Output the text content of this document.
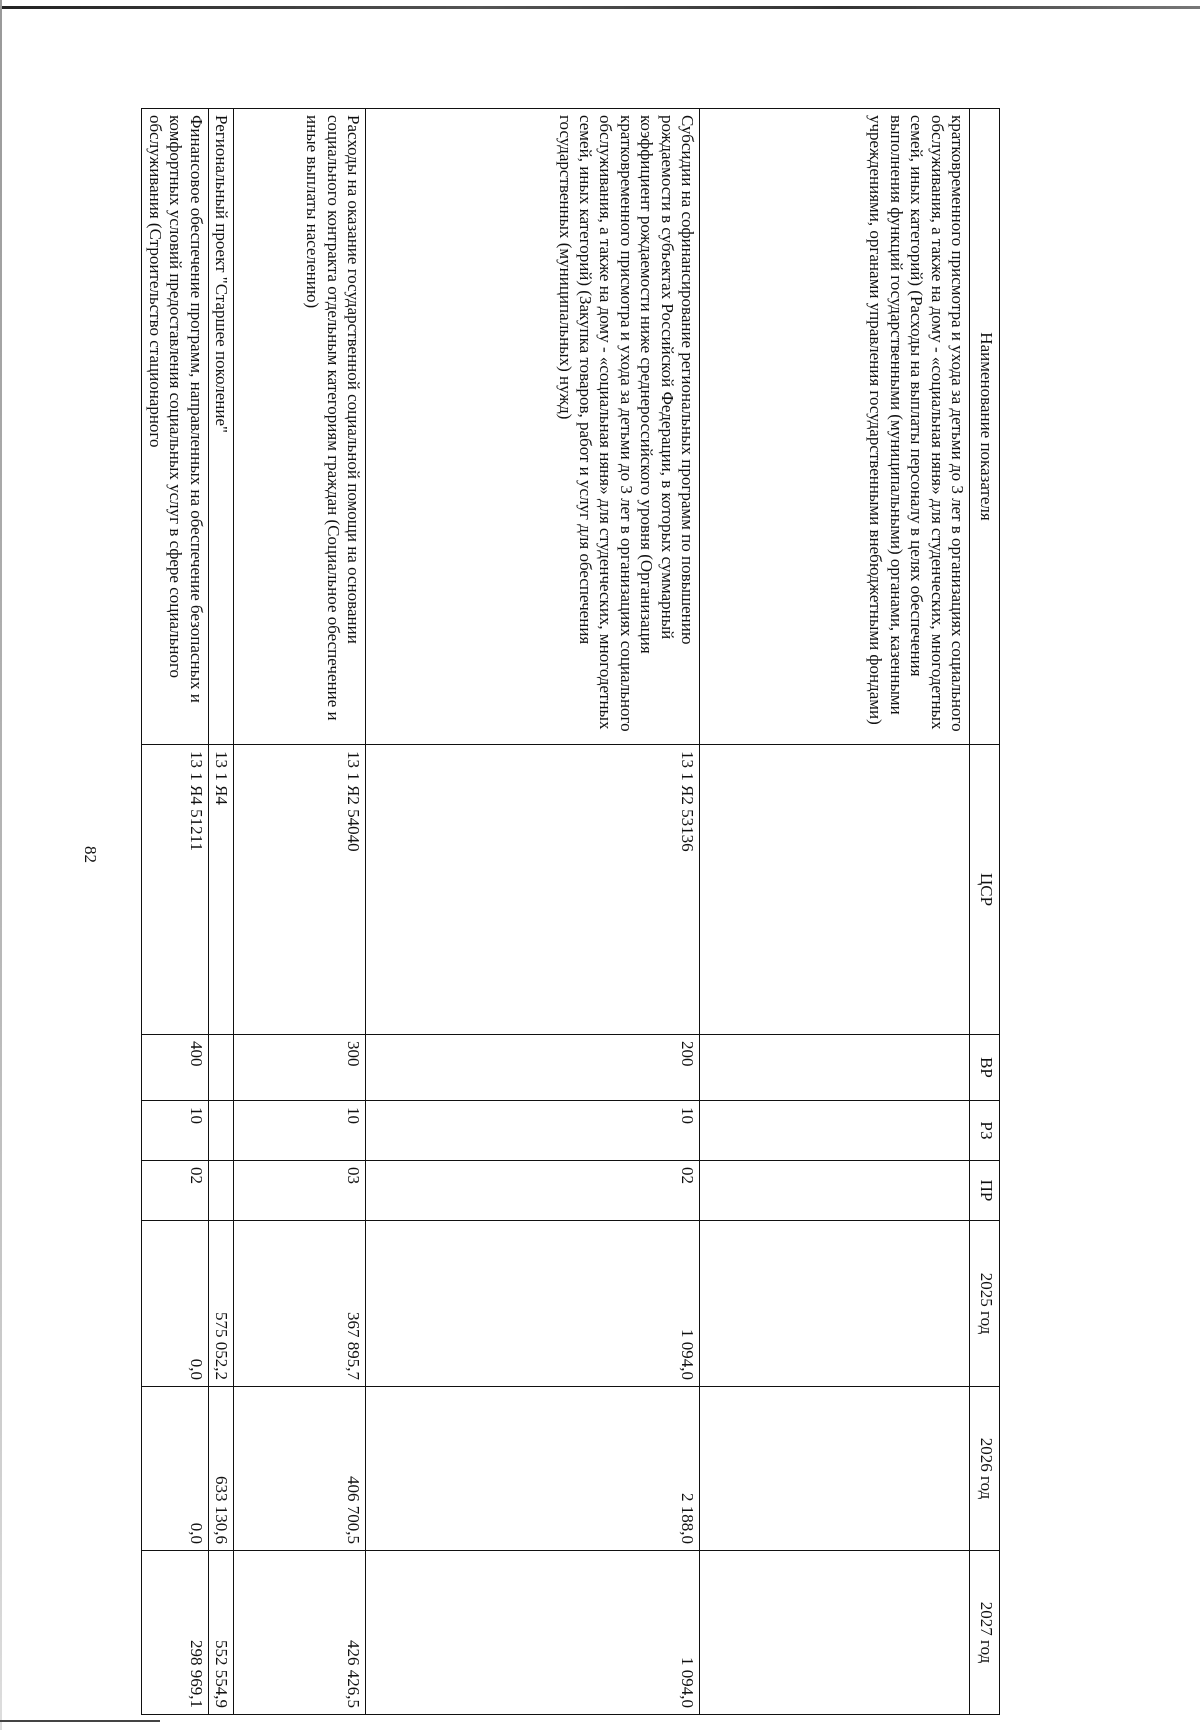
82
Наименование показателя	ЦСР	ВР	РЗ	ПР	2025 год	2026 год	2027 год
кратковременного присмотра и ухода за детьми до 3 лет в организациях социального обслуживания, а также на дому - «социальная няня» для студенческих, многодетных семей, иных категорий) (Расходы на выплаты персоналу в целях обеспечения выполнения функций государственными (муниципальными) органами, казенными учреждениями, органами управления государственными внебюджетными фондами)							
Субсидии на софинансирование региональных программ по повышению рождаемости в субъектах Российской Федерации, в которых суммарный коэффициент рождаемости ниже среднероссийского уровня (Организация кратковременного присмотра и ухода за детьми до 3 лет в организациях социального обслуживания, а также на дому - «социальная няня» для студенческих, многодетных семей, иных категорий) (Закупка товаров, работ и услуг для обеспечения государственных (муниципальных) нужд)	13 1 Я2 53136	200	10	02	1 094,0	2 188,0	1 094,0
Расходы на оказание государственной социальной помощи на основании социального контракта отдельным категориям граждан (Социальное обеспечение и иные выплаты населению)	13 1 Я2 54040	300	10	03	367 895,7	406 700,5	426 426,5
Региональный проект "Старшее поколение"	13 1 Я4				575 052,2	633 130,6	552 554,9
Финансовое обеспечение программ, направленных на обеспечение безопасных и комфортных условий предоставления социальных услуг в сфере социального обслуживания (Строительство стационарного	13 1 Я4 51211	400	10	02	0,0	0,0	298 969,1
